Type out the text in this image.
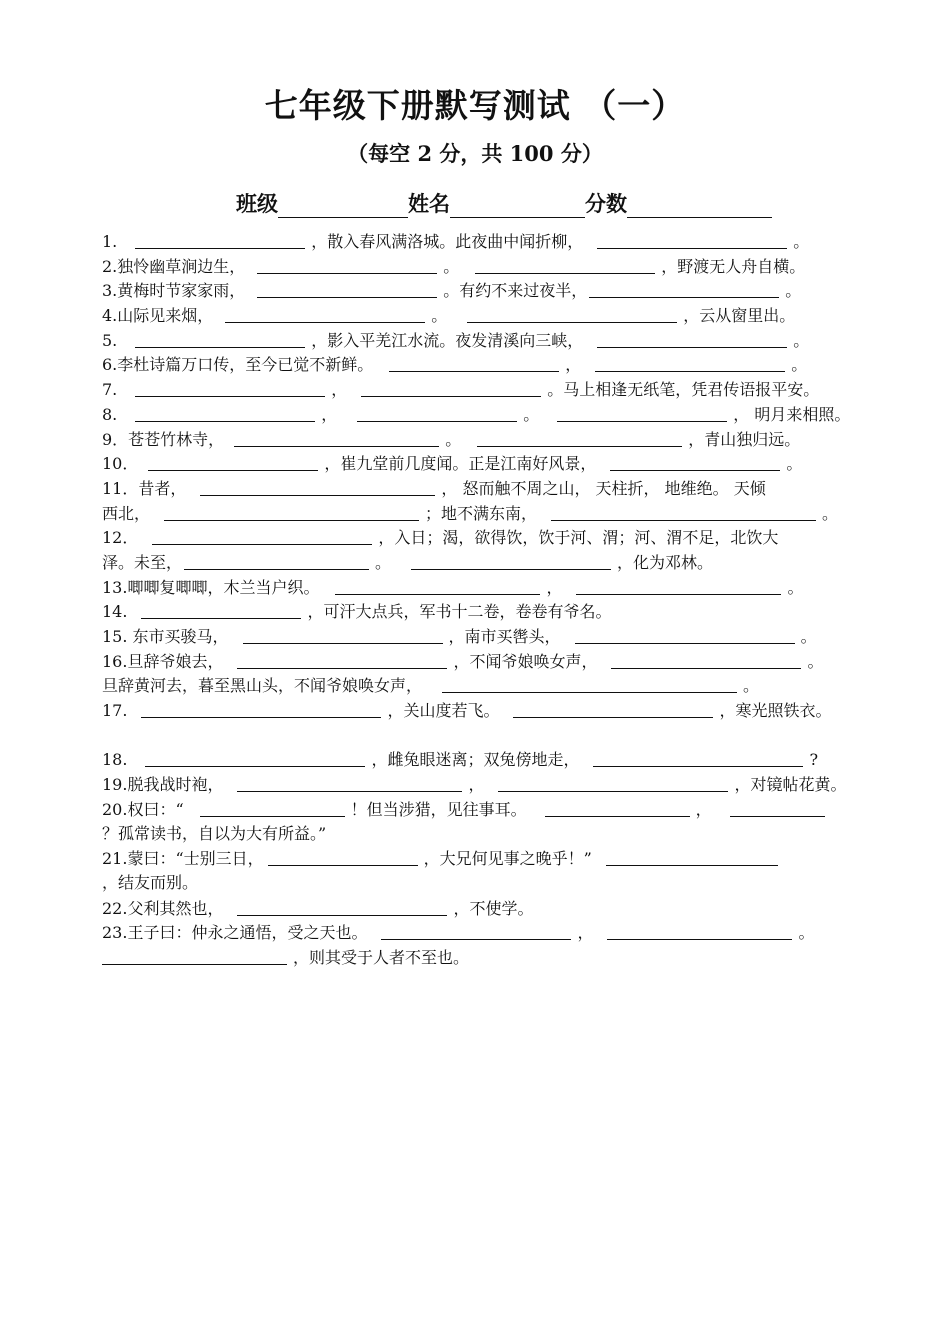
七年级下册默写测试 （一）
（每空 2 分，共 100 分）
班级	姓名	分数
1.	，散入春风满洛城。此夜曲中闻折柳，	。
2.独怜幽草涧边生，	。	，野渡无人舟自横。
3.黄梅时节家家雨，	。有约不来过夜半，	。
4.山际见来烟，	。	，云从窗里出。
5.	，影入平羌江水流。夜发清溪向三峡，	。
6.李杜诗篇万口传，至今已觉不新鲜。	，	。
7.	，	。马上相逢无纸笔，凭君传语报平安。
8.	，	。	， 明月来相照。
9．苍苍竹林寺，	。	，青山独归远。
10．	，崔九堂前几度闻。正是江南好风景，	。
11．昔者，	， 怒而触不周之山， 天柱折， 地维绝。 天倾
西北，	；地不满东南，	。
12．	，入日；渴，欲得饮，饮于河、渭；河、渭不足，北饮大
泽。未至，	。	，化为邓林。
13.唧唧复唧唧，木兰当户织。	，	。
14.	，可汗大点兵，军书十二卷，卷卷有爷名。
15. 东市买骏马，	，南市买辔头，	。
16.旦辞爷娘去，	，不闻爷娘唤女声，	。
旦辞黄河去，暮至黑山头，不闻爷娘唤女声，	。
17.	，关山度若飞。	，寒光照铁衣。
18.	，雌兔眼迷离；双兔傍地走，	?
19.脱我战时袍，	，	，对镜帖花黄。
20.权曰：“	！但当涉猎，见往事耳。	，
？孤常读书，自以为大有所益。”
21.蒙曰：“士别三日，	，大兄何见事之晚乎！”
，结友而别。
22.父利其然也，	，不使学。
23.王子曰：仲永之通悟，受之天也。	，	。
，则其受于人者不至也。
